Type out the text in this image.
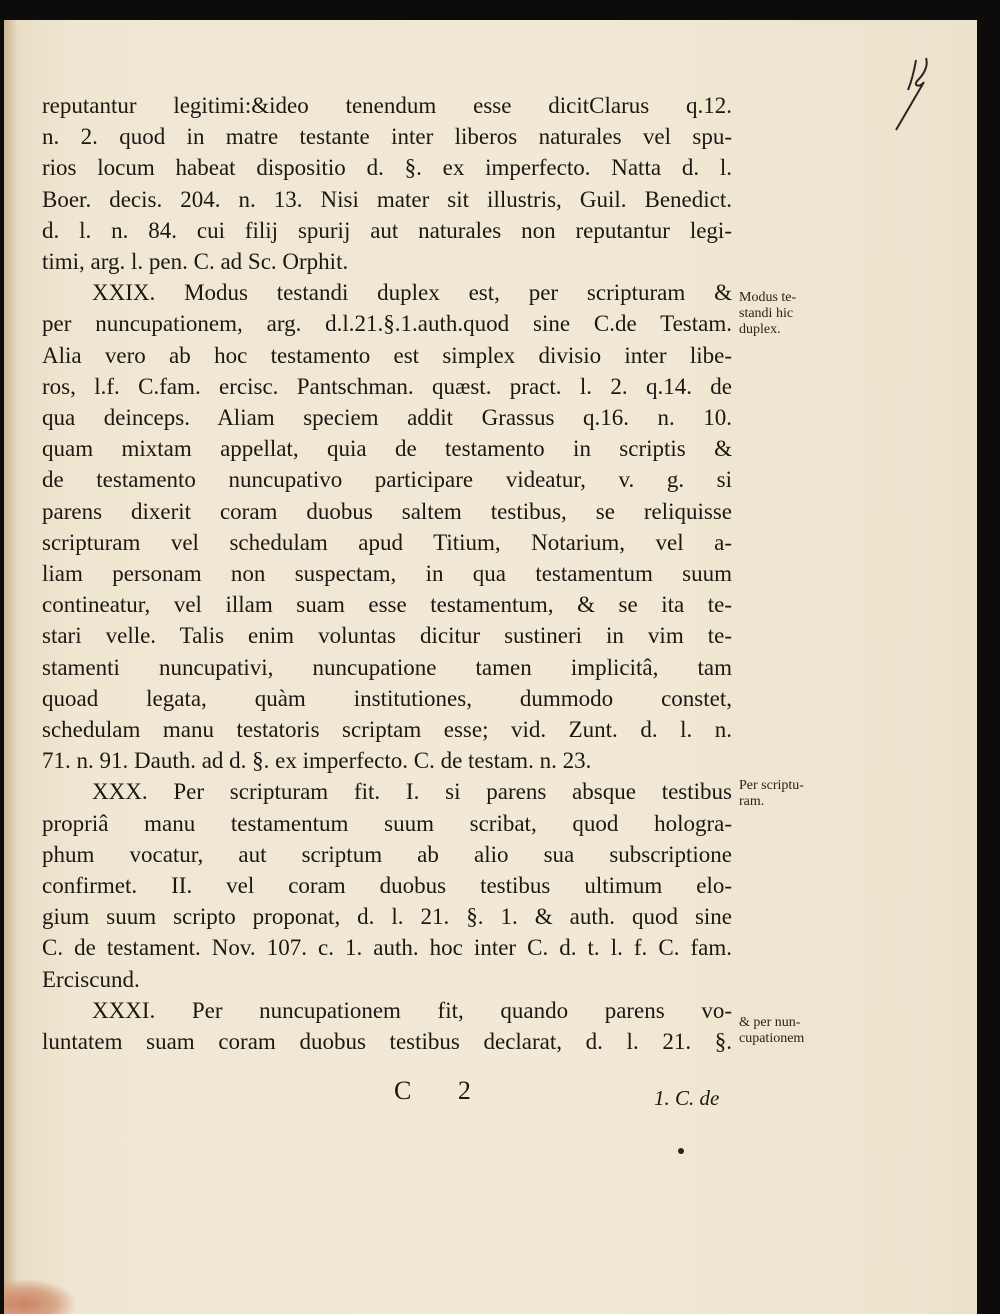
reputantur legitimi:&ideo tenendum esse dicitClarus q.12.
n. 2. quod in matre testante inter liberos naturales vel spu-
rios locum habeat dispositio d. §. ex imperfecto. Natta d. l.
Boer. decis. 204. n. 13. Nisi mater sit illustris, Guil. Benedict.
d. l. n. 84. cui filij spurij aut naturales non reputantur legi-
timi, arg. l. pen. C. ad Sc. Orphit.
XXIX. Modus testandi duplex est, per scripturam &
per nuncupationem, arg. d.l.21.§.1.auth.quod sine C.de Testam.
Alia vero ab hoc testamento est simplex divisio inter libe-
ros, l.f. C.fam. ercisc. Pantschman. quæst. pract. l. 2. q.14. de
qua deinceps. Aliam speciem addit Grassus q.16. n. 10.
quam mixtam appellat, quia de testamento in scriptis &
de testamento nuncupativo participare videatur, v. g. si
parens dixerit coram duobus saltem testibus, se reliquisse
scripturam vel schedulam apud Titium, Notarium, vel a-
liam personam non suspectam, in qua testamentum suum
contineatur, vel illam suam esse testamentum, & se ita te-
stari velle. Talis enim voluntas dicitur sustineri in vim te-
stamenti nuncupativi, nuncupatione tamen implicitâ, tam
quoad legata, quàm institutiones, dummodo constet,
schedulam manu testatoris scriptam esse; vid. Zunt. d. l. n.
71. n. 91. Dauth. ad d. §. ex imperfecto. C. de testam. n. 23.
XXX. Per scripturam fit. I. si parens absque testibus
propriâ manu testamentum suum scribat, quod hologra-
phum vocatur, aut scriptum ab alio sua subscriptione
confirmet. II. vel coram duobus testibus ultimum elo-
gium suum scripto proponat, d. l. 21. §. 1. & auth. quod sine
C. de testament. Nov. 107. c. 1. auth. hoc inter C. d. t. l. f. C. fam.
Erciscund.
XXXI. Per nuncupationem fit, quando parens vo-
luntatem suam coram duobus testibus declarat, d. l. 21. §.
Modus te-
standi hic
duplex.
Per scriptu-
ram.
& per nun-
cupationem
C 2	1. C. de
